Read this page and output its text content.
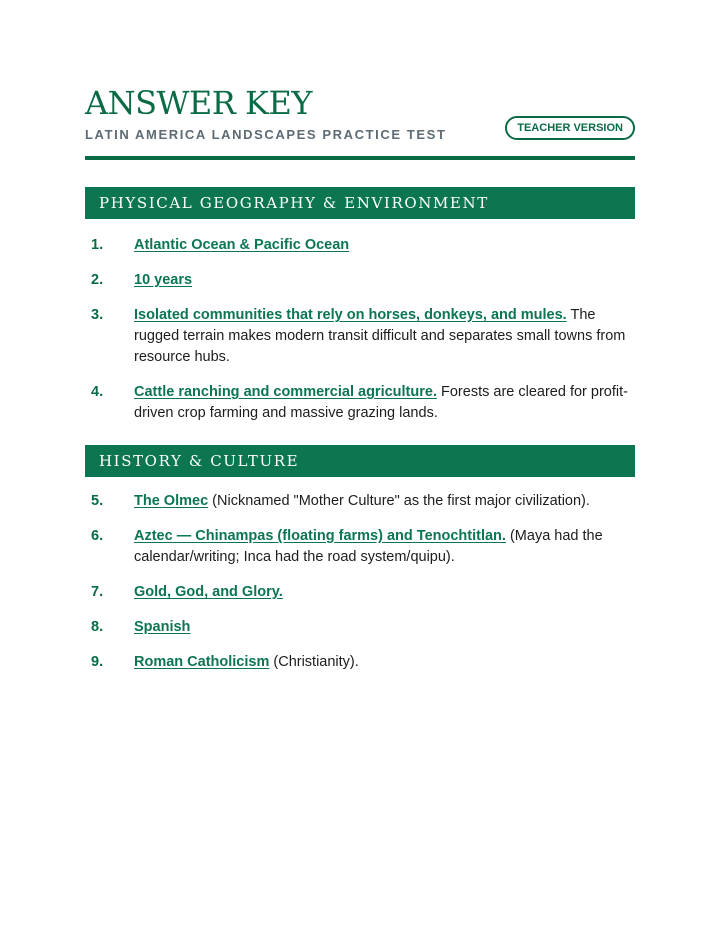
ANSWER KEY
LATIN AMERICA LANDSCAPES PRACTICE TEST	TEACHER VERSION
PHYSICAL GEOGRAPHY & ENVIRONMENT
1. Atlantic Ocean & Pacific Ocean
2. 10 years
3. Isolated communities that rely on horses, donkeys, and mules. The rugged terrain makes modern transit difficult and separates small towns from resource hubs.
4. Cattle ranching and commercial agriculture. Forests are cleared for profit-driven crop farming and massive grazing lands.
HISTORY & CULTURE
5. The Olmec (Nicknamed "Mother Culture" as the first major civilization).
6. Aztec — Chinampas (floating farms) and Tenochtitlan. (Maya had the calendar/writing; Inca had the road system/quipu).
7. Gold, God, and Glory.
8. Spanish
9. Roman Catholicism (Christianity).
